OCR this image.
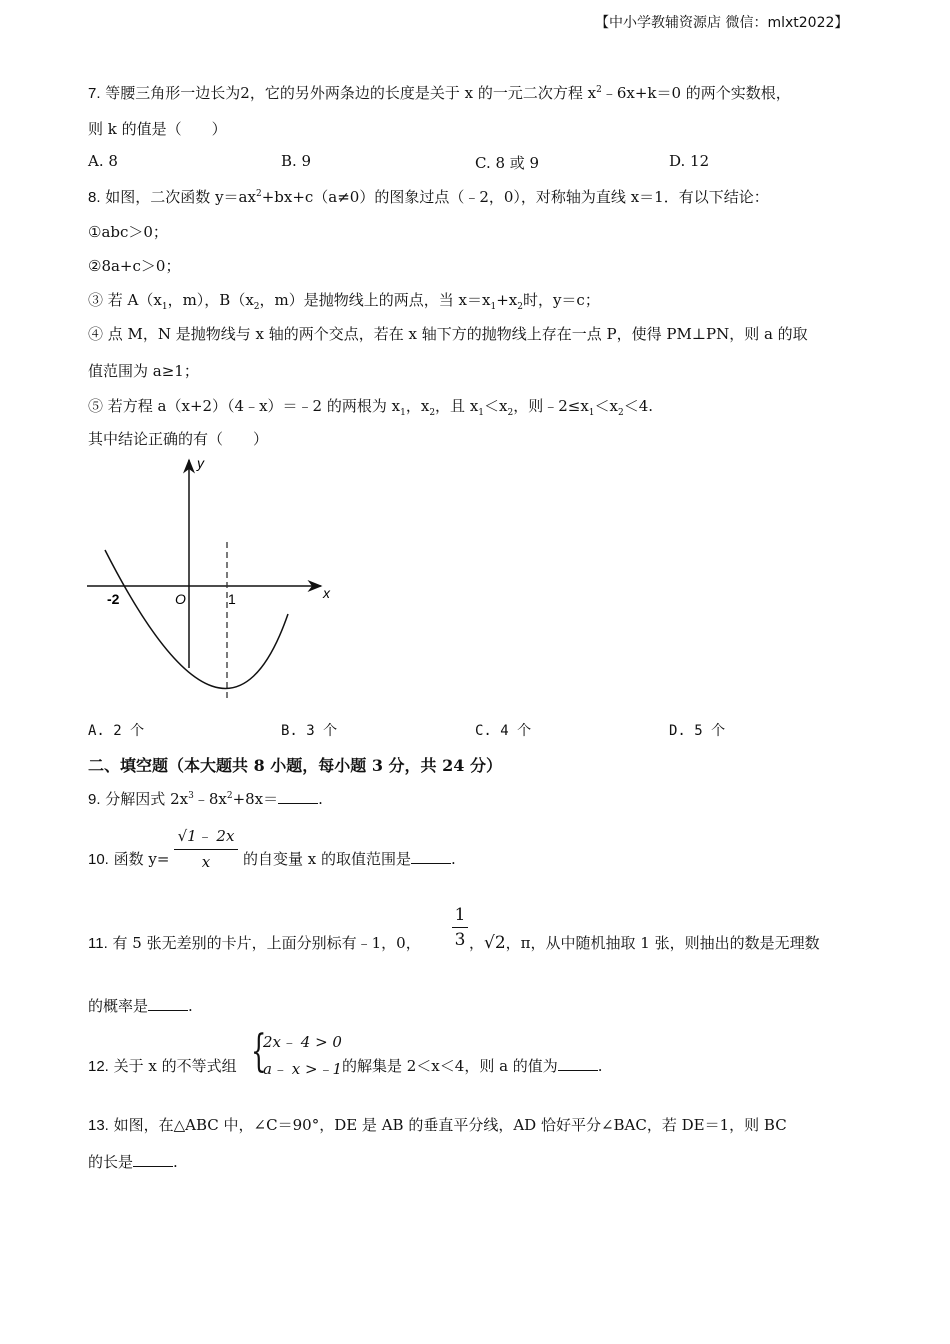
【中小学教辅资源店 微信：mlxt2022】
7. 等腰三角形一边长为2，它的另外两条边的长度是关于 x 的一元二次方程 $x^2﹣6x+k=0$ 的两个实数根，
则 k 的值是（　　）
A. 8	B. 9	C. 8 或 9	D. 12
8. 如图，二次函数 $y=ax^2+bx+c(a\ne 0)$的图象过点（﹣2，0），对称轴为直线 x＝1．有以下结论：
①abc＞0；
②8a+c＞0；
③ 若 $A(x_1$，m），$B(x_2$，m）是抛物线上的两点，当 $x=x_1+x_2$时，y＝c；
④ 点 M，N 是抛物线与 x 轴的两个交点，若在 x 轴下方的抛物线上存在一点 P，使得 PM⊥PN，则 a 的取
值范围为 a≥1；
⑤ 若方程 a（x+2）（4﹣x）＝﹣2 的两根为 $x_1$，$x_2$，且 $x_1<x_2$，则$﹣2\le x_1<x_2<4$.
其中结论正确的有（　　）
y
x
O
-2	1
A. 2 个	B. 3 个	C. 4 个	D. 5 个
二、填空题（本大题共 8 小题，每小题 3 分，共 24 分）
9. 分解因式 $2x^3﹣8x^2+8x=$	.
10. 函数 y=
√1﹣ 2x
x	的自变量 x 的取值范围是	.
11. 有 5 张无差别的卡片，上面分别标有﹣1，0，
1
3 ，√2，π，从中随机抽取 1 张，则抽出的数是无理数
的概率是	.
12. 关于 x 的不等式组 {
2x﹣ 4 > 0
a﹣ x >﹣1 的解集是 2＜x＜4，则 a 的值为	.
13. 如图，在△ABC 中，∠C＝90°，DE 是 AB 的垂直平分线，AD 恰好平分∠BAC，若 DE＝1，则 BC
的长是	.
